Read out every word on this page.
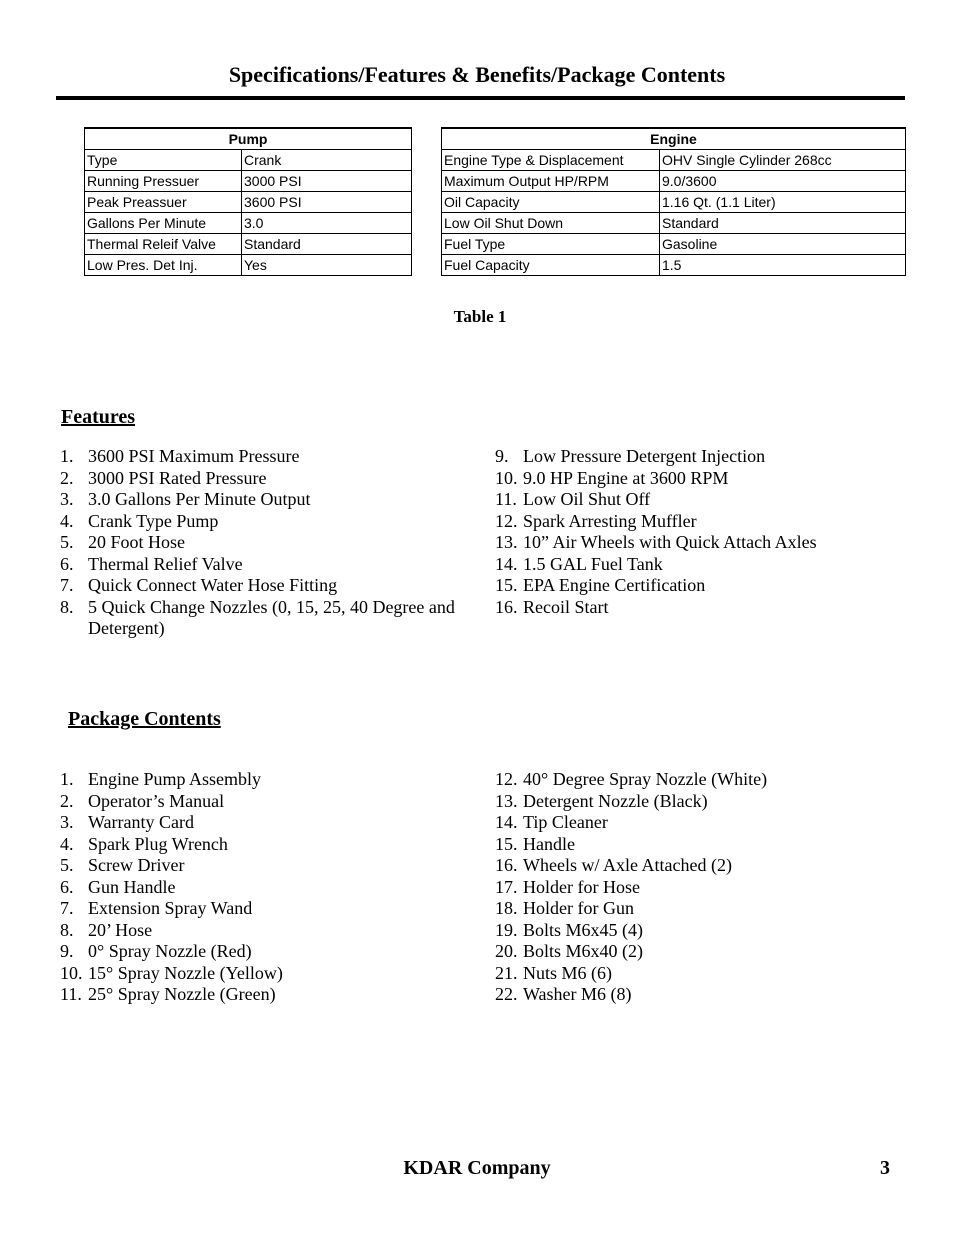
Specifications/Features & Benefits/Package Contents
Pump	
Type	Crank
Running Pressuer	3000 PSI
Peak Preassuer	3600 PSI
Gallons Per Minute	3.0
Thermal Releif Valve	Standard
Low Pres. Det Inj.	Yes
Engine	
Engine Type & Displacement	OHV Single Cylinder 268cc
Maximum Output HP/RPM	9.0/3600
Oil Capacity	1.16 Qt. (1.1 Liter)
Low Oil Shut Down	Standard
Fuel Type	Gasoline
Fuel Capacity	1.5
Table 1
Features
1. 3600 PSI Maximum Pressure
2. 3000 PSI Rated Pressure
3. 3.0 Gallons Per Minute Output
4. Crank Type Pump
5. 20 Foot Hose
6. Thermal Relief Valve
7. Quick Connect Water Hose Fitting
8. 5 Quick Change Nozzles (0, 15, 25, 40 Degree and Detergent)
9. Low Pressure Detergent Injection
10. 9.0 HP Engine at 3600 RPM
11. Low Oil Shut Off
12. Spark Arresting Muffler
13. 10” Air Wheels with Quick Attach Axles
14. 1.5 GAL Fuel Tank
15. EPA Engine Certification
16. Recoil Start
Package Contents
1. Engine Pump Assembly
2. Operator’s Manual
3. Warranty Card
4. Spark Plug Wrench
5. Screw Driver
6. Gun Handle
7. Extension Spray Wand
8. 20’ Hose
9. 0° Spray Nozzle (Red)
10. 15° Spray Nozzle (Yellow)
11. 25° Spray Nozzle (Green)
12. 40° Degree Spray Nozzle (White)
13. Detergent Nozzle (Black)
14. Tip Cleaner
15. Handle
16. Wheels w/ Axle Attached (2)
17. Holder for Hose
18. Holder for Gun
19. Bolts M6x45 (4)
20. Bolts M6x40 (2)
21. Nuts M6 (6)
22. Washer M6 (8)
KDAR Company	3
